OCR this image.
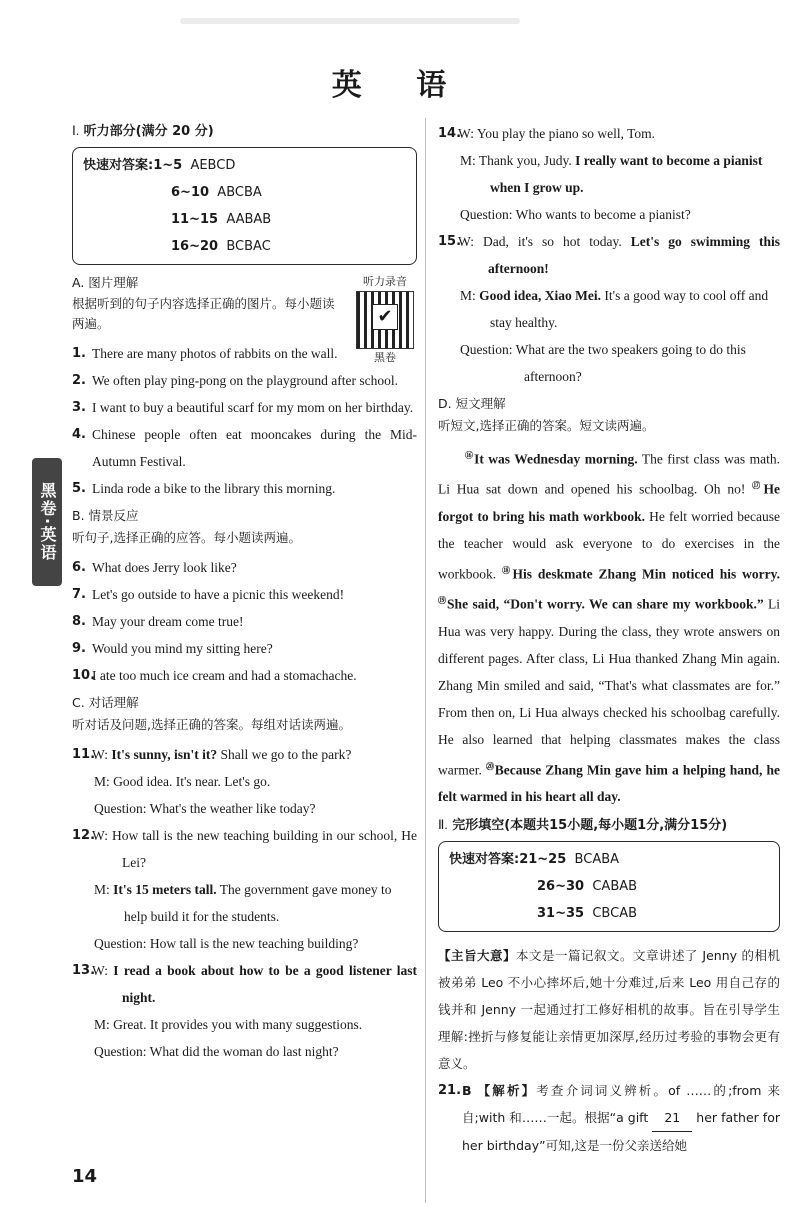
英 语
黑卷·英语
Ⅰ. 听力部分(满分 20 分)
快速对答案:1~5 AEBCD
6~10 ABCBA
11~15 AABAB
16~20 BCBAC
听力录音
✔
黑卷
A. 图片理解
根据听到的句子内容选择正确的图片。每小题读两遍。
1. There are many photos of rabbits on the wall.
2. We often play ping-pong on the playground after school.
3. I want to buy a beautiful scarf for my mom on her birthday.
4. Chinese people often eat mooncakes during the Mid-Autumn Festival.
5. Linda rode a bike to the library this morning.
B. 情景反应
听句子,选择正确的应答。每小题读两遍。
6. What does Jerry look like?
7. Let's go outside to have a picnic this weekend!
8. May your dream come true!
9. Would you mind my sitting here?
10.
I ate too much ice cream and had a stomachache.
C. 对话理解
听对话及问题,选择正确的答案。每组对话读两遍。
11.
W: It's sunny, isn't it? Shall we go to the park?
M: Good idea. It's near. Let's go.
Question: What's the weather like today?
12.
W: How tall is the new teaching building in our school, He Lei?
M: It's 15 meters tall. The government gave money to help build it for the students.
Question: How tall is the new teaching building?
13.
W: I read a book about how to be a good listener last night.
M: Great. It provides you with many suggestions.
Question: What did the woman do last night?
14.
W: You play the piano so well, Tom.
M: Thank you, Judy. I really want to become a pianist when I grow up.
Question: Who wants to become a pianist?
15.
W: Dad, it's so hot today. Let's go swimming this afternoon!
M: Good idea, Xiao Mei. It's a good way to cool off and stay healthy.
Question: What are the two speakers going to do this afternoon?
D. 短文理解
听短文,选择正确的答案。短文读两遍。

⑯It was Wednesday morning. The first class was math. Li Hua sat down and opened his schoolbag. Oh no! ⑰He forgot to bring his math workbook. He felt worried because the teacher would ask everyone to do exercises in the workbook. ⑱His deskmate Zhang Min noticed his worry. ⑲She said, “Don't worry. We can share my workbook.” Li Hua was very happy. During the class, they wrote answers on different pages. After class, Li Hua thanked Zhang Min again. Zhang Min smiled and said, “That's what classmates are for.” From then on, Li Hua always checked his schoolbag carefully. He also learned that helping classmates makes the class warmer. ⑳Because Zhang Min gave him a helping hand, he felt warmed in his heart all day.

Ⅱ. 完形填空(本题共15小题,每小题1分,满分15分)
快速对答案:21~25 BCABA
26~30 CABAB
31~35 CBCAB

【主旨大意】本文是一篇记叙文。文章讲述了 Jenny 的相机被弟弟 Leo 不小心摔坏后,她十分难过,后来 Leo 用自己存的钱并和 Jenny 一起通过打工修好相机的故事。旨在引导学生理解:挫折与修复能让亲情更加深厚,经历过考验的事物会更有意义。

21. B 【解析】考查介词词义辨析。of ……的;from 来自;with 和……一起。根据“a gift 21 her father for her birthday”可知,这是一份父亲送给她
14
